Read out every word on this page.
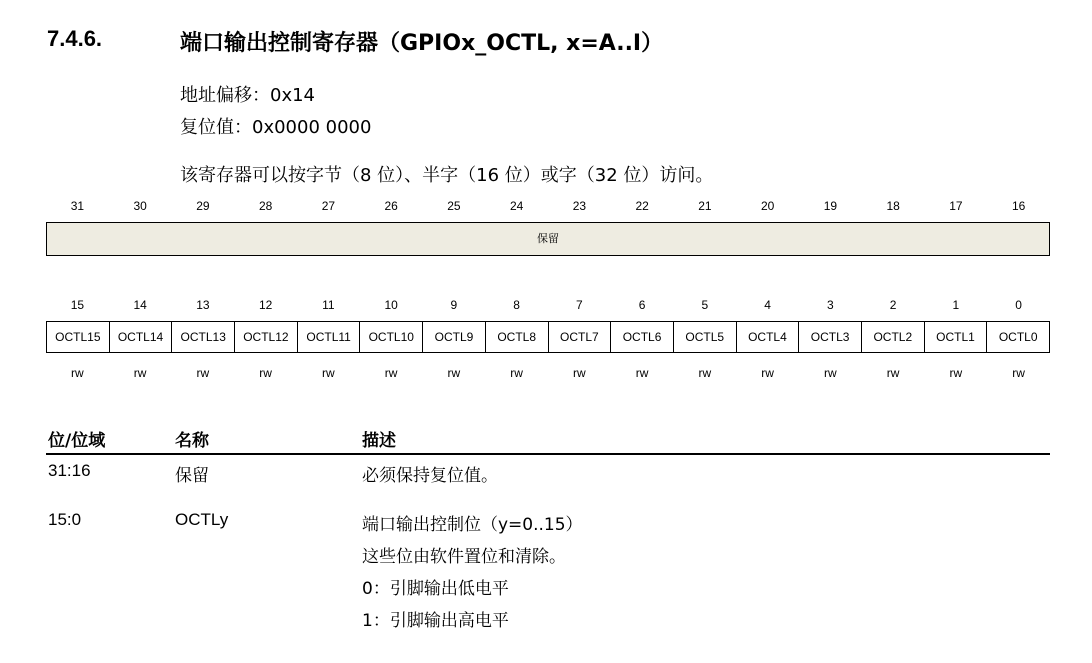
7.4.6.	端口输出控制寄存器（GPIOx_OCTL, x=A..I）
地址偏移：0x14
复位值：0x0000 0000
该寄存器可以按字节（8 位）、半字（16 位）或字（32 位）访问。
31	30	29	28	27	26	25	24	23	22	21	20	19	18	17	16
保留
15	14	13	12	11	10	9	8	7	6	5	4	3	2	1	0
OCTL15	OCTL14	OCTL13	OCTL12	OCTL11	OCTL10	OCTL9	OCTL8	OCTL7	OCTL6	OCTL5	OCTL4	OCTL3	OCTL2	OCTL1	OCTL0
rw	rw	rw	rw	rw	rw	rw	rw	rw	rw	rw	rw	rw	rw	rw	rw
位/位域	名称	描述
31:16	保留	必须保持复位值。
15:0	OCTLy	端口输出控制位（y=0..15）
这些位由软件置位和清除。
0：引脚输出低电平
1：引脚输出高电平
